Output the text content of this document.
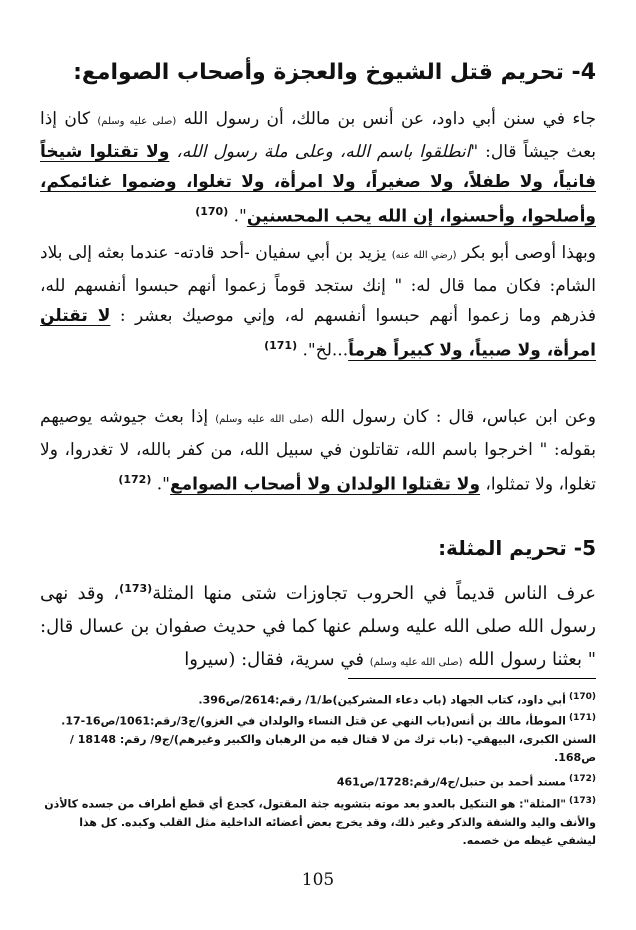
4- تحريم قتل الشيوخ والعجزة وأصحاب الصوامع:
جاء في سنن أبي داود، عن أنس بن مالك، أن رسول الله (صلى عليه وسلم) كان إذا بعث جيشاً قال: "انطلقوا باسم الله، وعلى ملة رسول الله، ولا تقتلوا شيخاً فانياً، ولا طفلاً، ولا صغيراً، ولا امرأة، ولا تغلوا، وضموا غنائمكم، وأصلحوا، وأحسنوا، إن الله يحب المحسنين". $^{(170)}$
وبهذا أوصى أبو بكر (رضي الله عنه) يزيد بن أبي سفيان -أحد قادته- عندما بعثه إلى بلاد الشام: فكان مما قال له: " إنك ستجد قوماً زعموا أنهم حبسوا أنفسهم لله، فذرهم وما زعموا أنهم حبسوا أنفسهم له، وإني موصيك بعشر : لا تقتلن امرأة، ولا صبياً، ولا كبيراً هرماً...لخ". $^{(171)}$
وعن ابن عباس، قال : كان رسول الله (صلى الله عليه وسلم) إذا بعث جيوشه يوصيهم بقوله: " اخرجوا باسم الله، تقاتلون في سبيل الله، من كفر بالله، لا تغدروا، ولا تغلوا، ولا تمثلوا، ولا تقتلوا الولدان ولا أصحاب الصوامع". $^{(172)}$
5- تحريم المثلة:
عرف الناس قديماً في الحروب تجاوزات شتى منها المثلة$^{(173)}$، وقد نهى رسول الله صلى الله عليه وسلم عنها كما في حديث صفوان بن عسال قال: " بعثنا رسول الله (صلى الله عليه وسلم) في سرية، فقال: (سيروا
$^{(170)}$أبي داود، كتاب الجهاد (باب دعاء المشركين)ط/1/ رقم:2614/ص396.
$^{(171)}$الموطأ، مالك بن أنس(باب النهي عن قتل النساء والولدان في الغزو)/ج3/رقم:1061/ص16-17. السنن الكبرى، البيهقي- (باب ترك من لا قتال فيه من الرهبان والكبير وغيرهم)/ج9/ رقم: 18148 /ص168.
$^{(172)}$مسند أحمد بن حنبل/ج4/رقم:1728/ص461
$^{(173)}$"المثلة": هو التنكيل بالعدو بعد موته بتشويه جثة المقتول، كجدع أي قطع أطراف من جسده كالأذن والأنف واليد والشفة والذكر وغير ذلك، وقد يخرج بعض أعضائه الداخلية مثل القلب وكبده. كل هذا ليشفي غيظه من خصمه.
105
